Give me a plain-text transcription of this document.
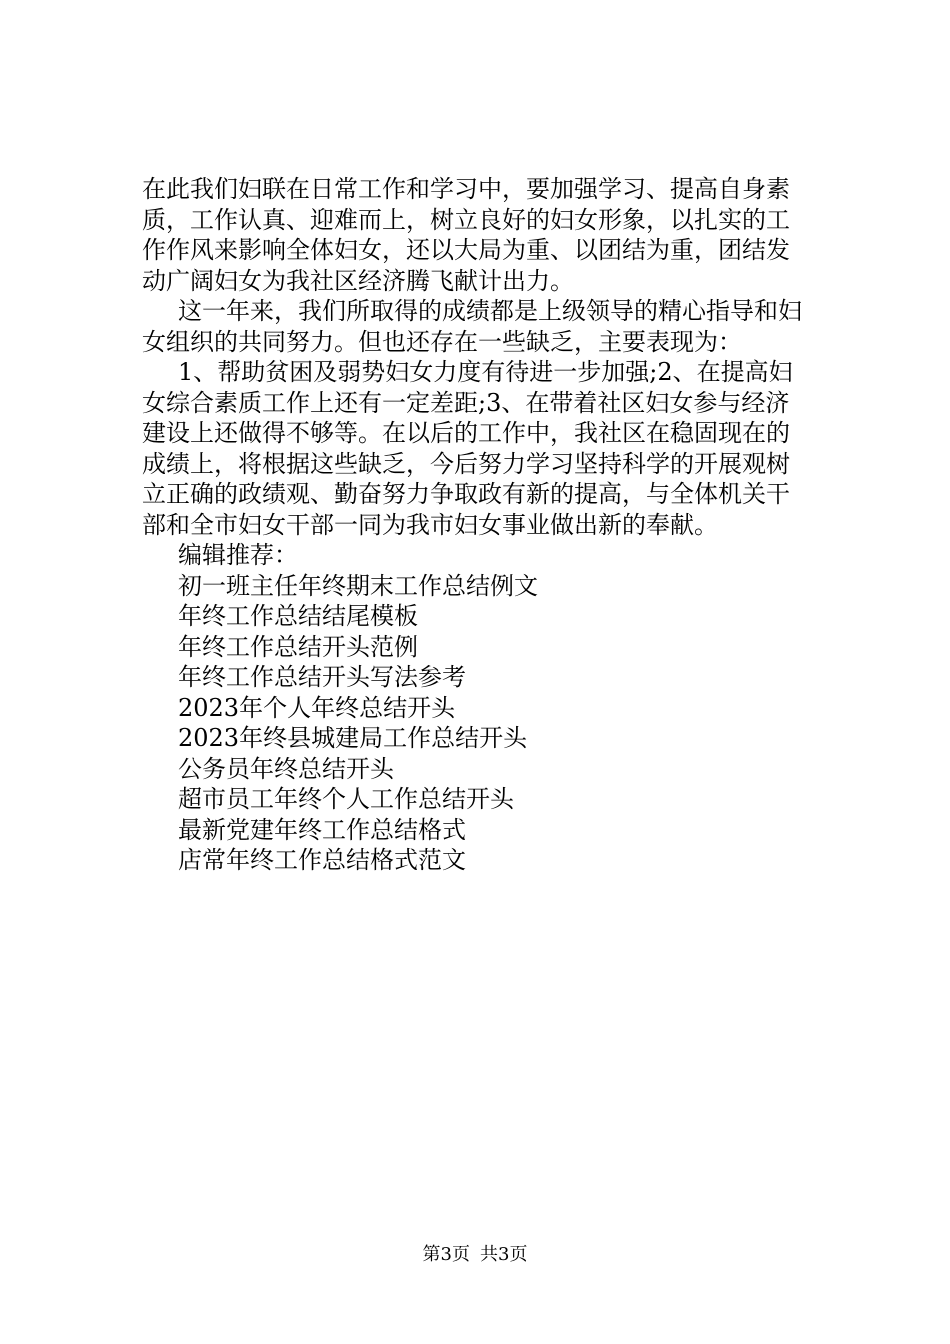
在此我们妇联在日常工作和学习中，要加强学习、提高自身素
质，工作认真、迎难而上，树立良好的妇女形象，以扎实的工
作作风来影响全体妇女，还以大局为重、以团结为重，团结发
动广阔妇女为我社区经济腾飞献计出力。
这一年来，我们所取得的成绩都是上级领导的精心指导和妇
女组织的共同努力。但也还存在一些缺乏，主要表现为：
1、帮助贫困及弱势妇女力度有待进一步加强;2、在提高妇
女综合素质工作上还有一定差距;3、在带着社区妇女参与经济
建设上还做得不够等。在以后的工作中，我社区在稳固现在的
成绩上，将根据这些缺乏，今后努力学习坚持科学的开展观树
立正确的政绩观、勤奋努力争取政有新的提高，与全体机关干
部和全市妇女干部一同为我市妇女事业做出新的奉献。
编辑推荐：
初一班主任年终期末工作总结例文
年终工作总结结尾模板
年终工作总结开头范例
年终工作总结开头写法参考
2023年个人年终总结开头
2023年终县城建局工作总结开头
公务员年终总结开头
超市员工年终个人工作总结开头
最新党建年终工作总结格式
店常年终工作总结格式范文
第3页 共3页
